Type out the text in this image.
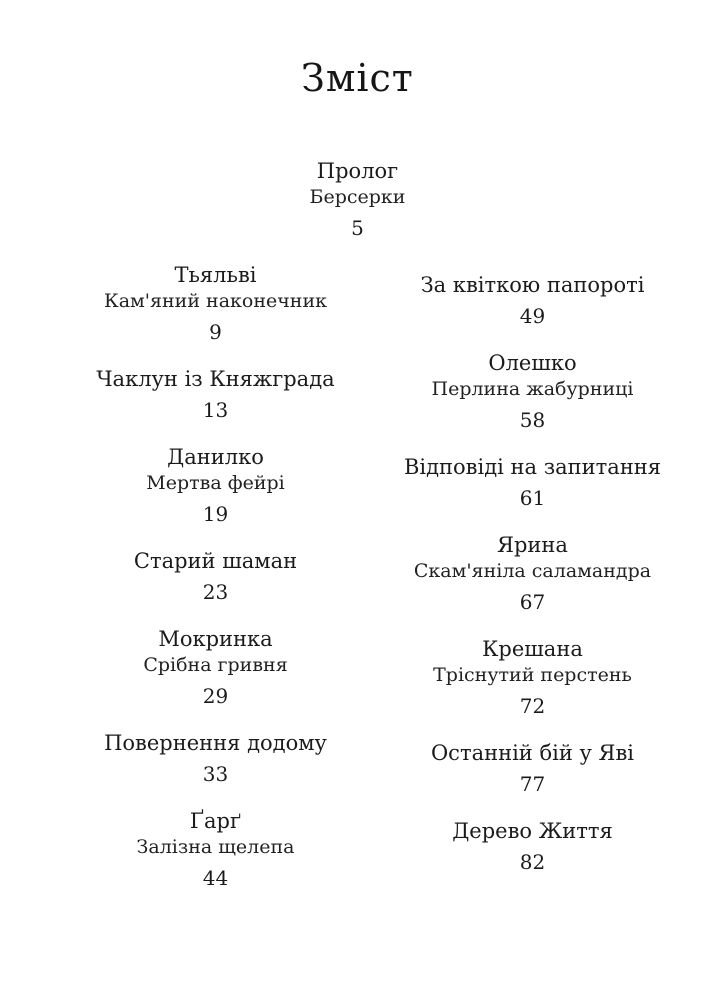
Зміст
Пролог
Берсерки
5
Тьяльві
Кам'яний наконечник
9
Чаклун із Княжграда
13
Данилко
Мертва фейрі
19
Старий шаман
23
Мокринка
Срібна гривня
29
Повернення додому
33
Ґарґ
Залізна щелепа
44
За квіткою папороті
49
Олешко
Перлина жабурниці
58
Відповіді на запитання
61
Ярина
Скам'яніла саламандра
67
Крешана
Тріснутий перстень
72
Останній бій у Яві
77
Дерево Життя
82
